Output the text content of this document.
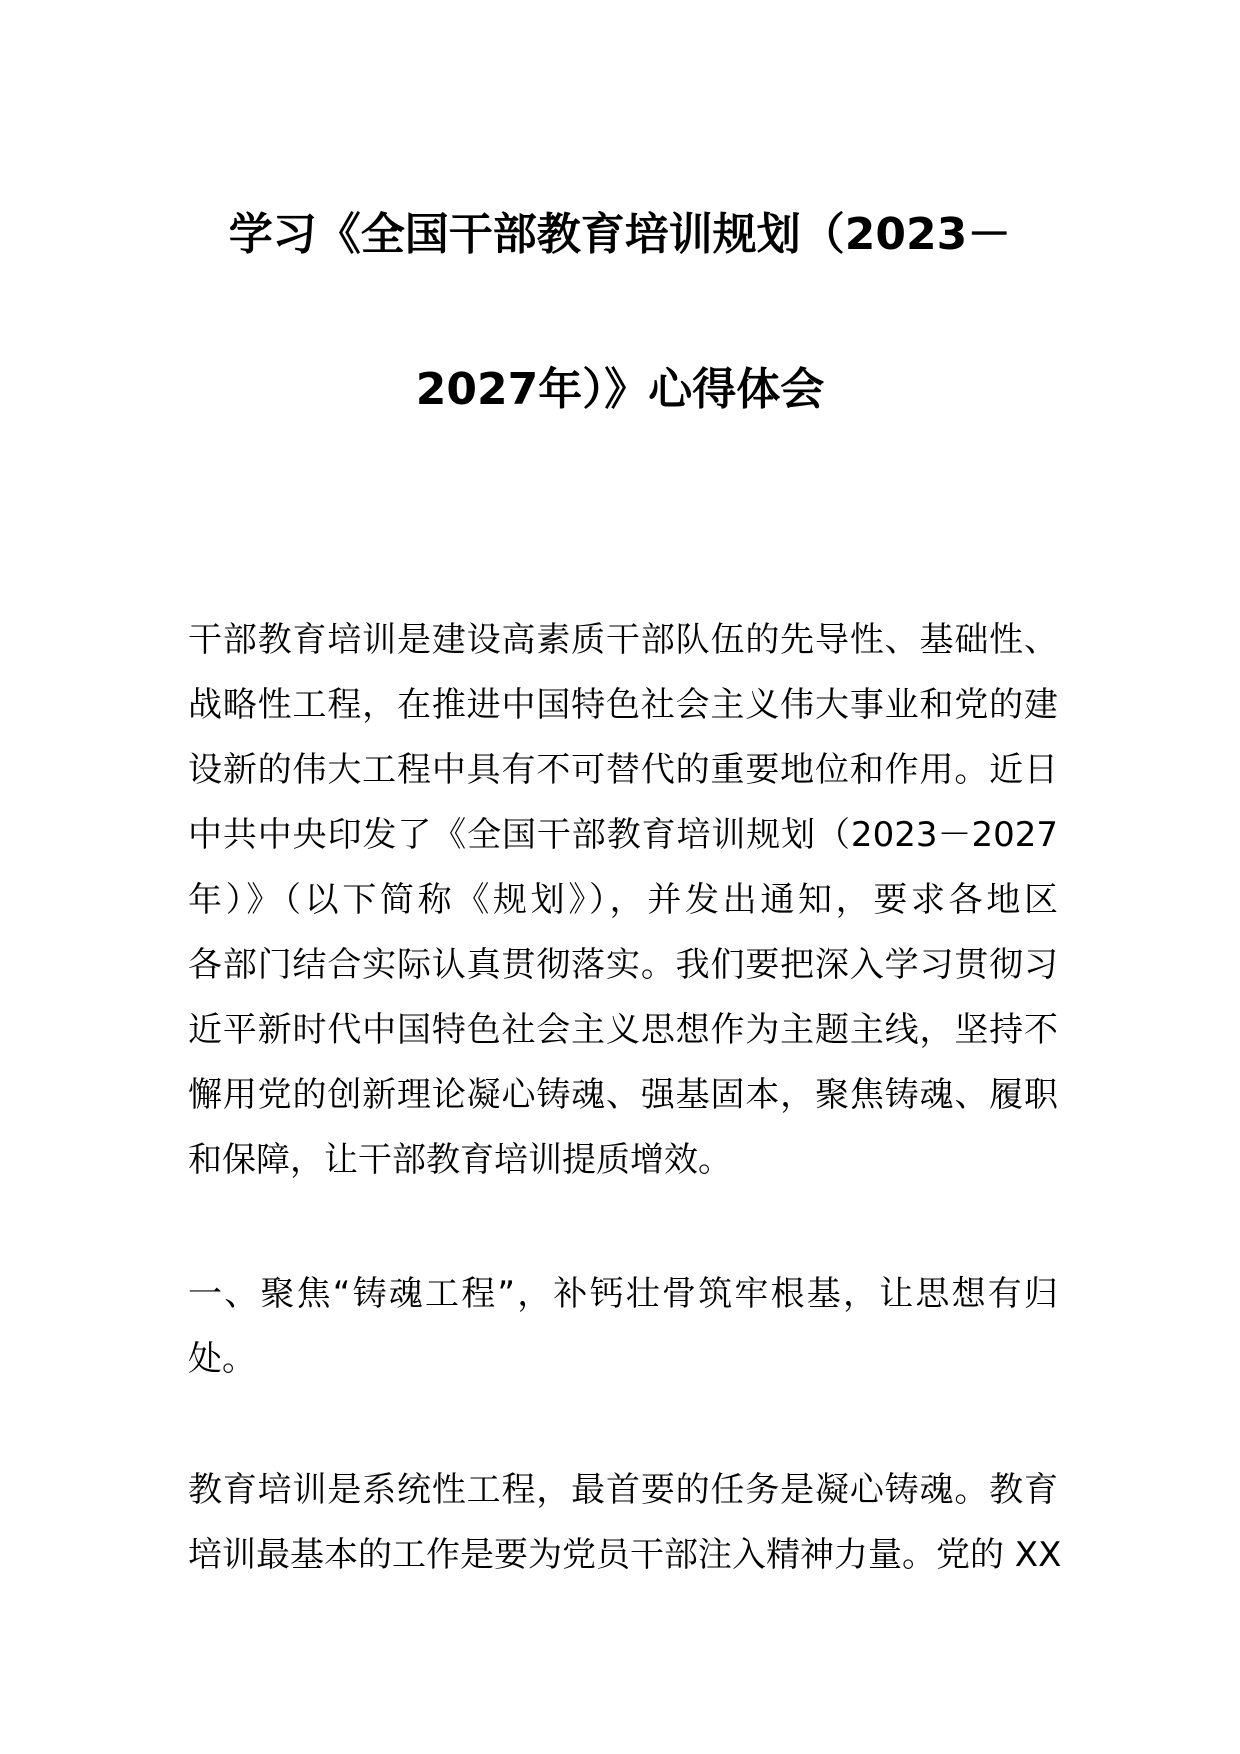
学习《全国干部教育培训规划（2023－
2027年）》心得体会
干部教育培训是建设高素质干部队伍的先导性、基础性、
战略性工程，在推进中国特色社会主义伟大事业和党的建
设新的伟大工程中具有不可替代的重要地位和作用。近日
中共中央印发了《全国干部教育培训规划（2023－2027
年）》（以下简称《规划》），并发出通知，要求各地区
各部门结合实际认真贯彻落实。我们要把深入学习贯彻习
近平新时代中国特色社会主义思想作为主题主线，坚持不
懈用党的创新理论凝心铸魂、强基固本，聚焦铸魂、履职
和保障，让干部教育培训提质增效。
一、聚焦“铸魂工程”，补钙壮骨筑牢根基，让思想有归
处。
教育培训是系统性工程，最首要的任务是凝心铸魂。教育
培训最基本的工作是要为党员干部注入精神力量。党的 XX
